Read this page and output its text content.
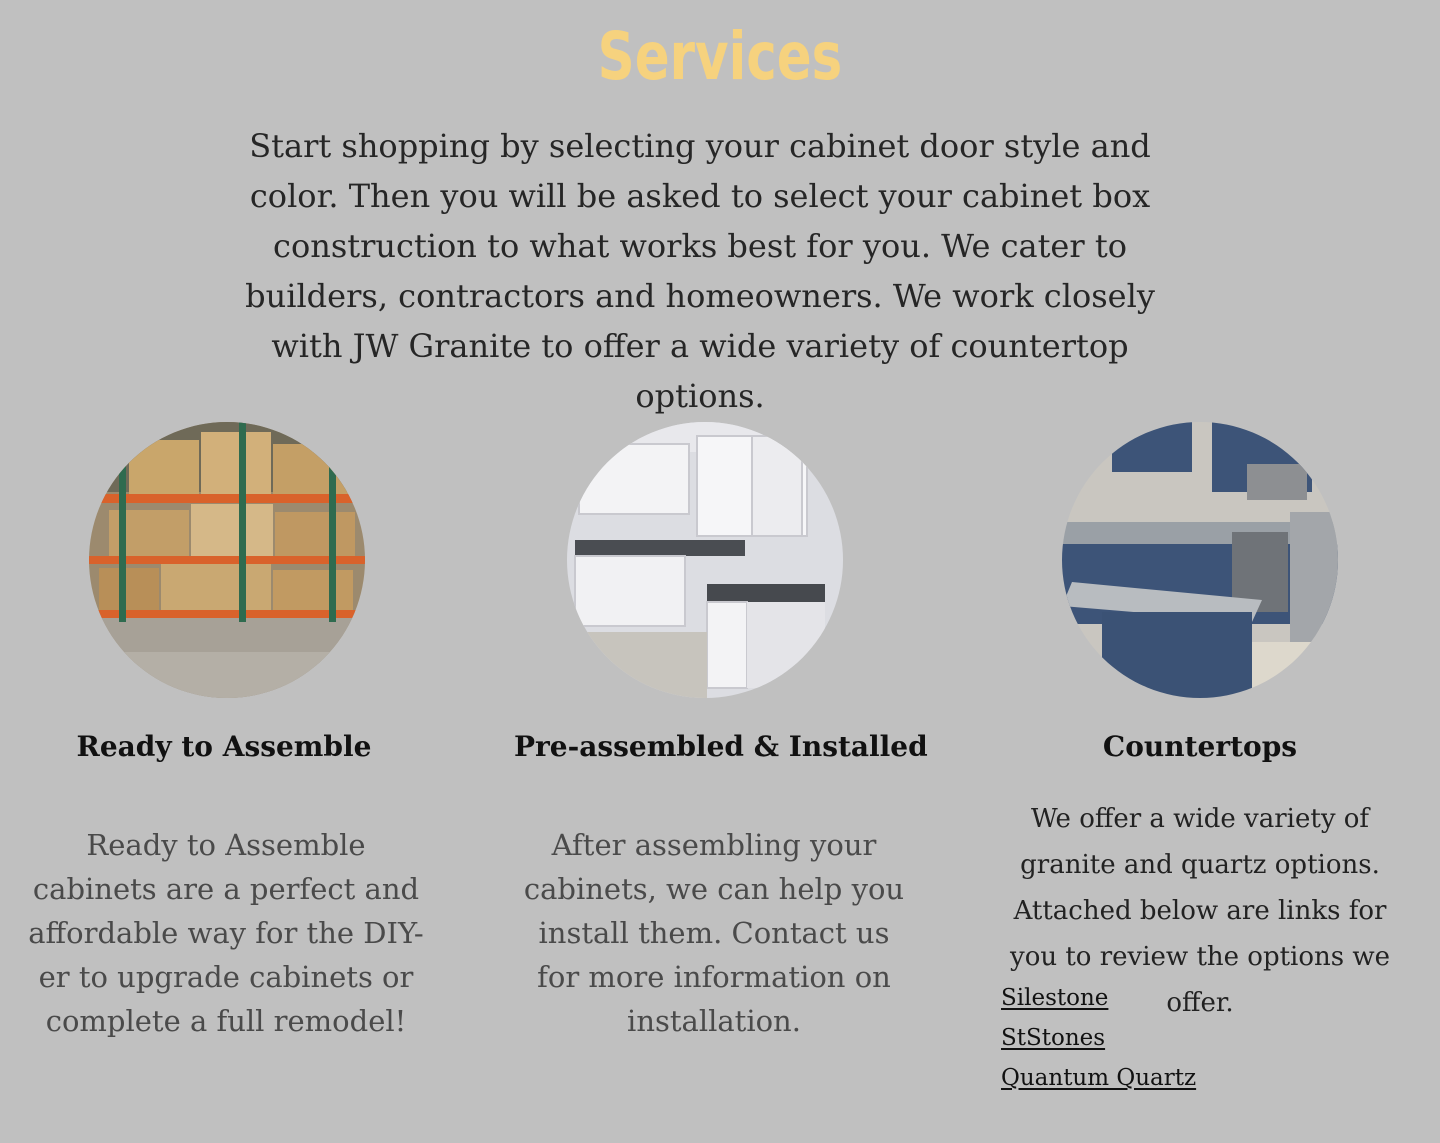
Services

Start shopping by selecting your cabinet door style and color. Then you will be asked to select your cabinet box construction to what works best for you. We cater to builders, contractors and homeowners. We work closely with JW Granite to offer a wide variety of countertop options.

Ready to Assemble	Pre-assembled & Installed	Countertops

Ready to Assemble cabinets are a perfect and affordable way for the DIY-er to upgrade cabinets or complete a full remodel!

After assembling your cabinets, we can help you install them. Contact us for more information on installation.

We offer a wide variety of granite and quartz options. Attached below are links for you to review the options we offer.

Silestone
StStones
Quantum Quartz
